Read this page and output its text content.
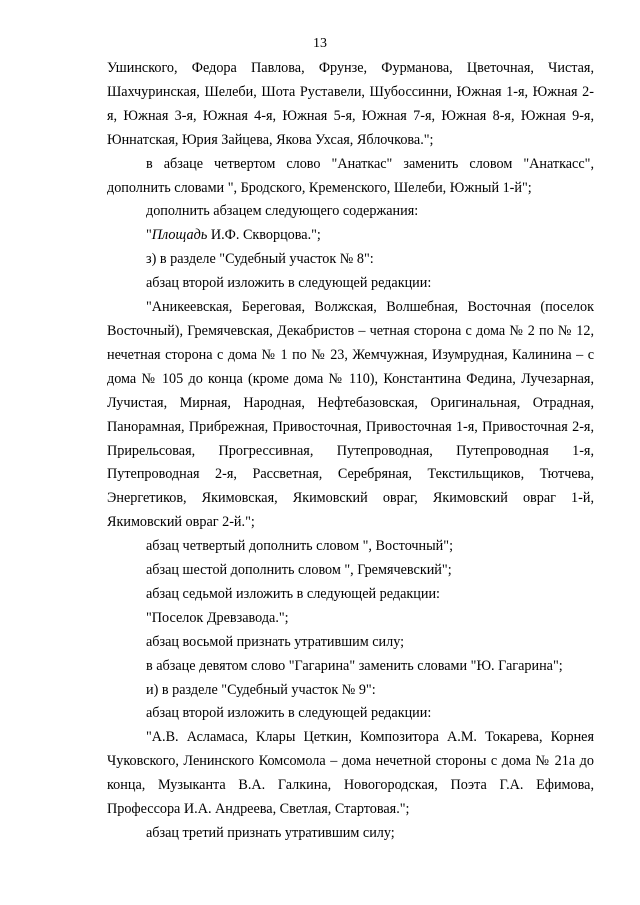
13

Ушинского, Федора Павлова, Фрунзе, Фурманова, Цветочная, Чистая, Шахчуринская, Шелеби, Шота Руставели, Шубоссинни, Южная 1-я, Южная 2-я, Южная 3-я, Южная 4-я, Южная 5-я, Южная 7-я, Южная 8-я, Южная 9-я, Юннатская, Юрия Зайцева, Якова Ухсая, Яблочкова.";

в абзаце четвертом слово "Анаткас" заменить словом "Анаткасс", дополнить словами ", Бродского, Кременского, Шелеби, Южный 1-й";

дополнить абзацем следующего содержания:

"Площадь И.Ф. Скворцова.";

з) в разделе "Судебный участок № 8":

абзац второй изложить в следующей редакции:

"Аникеевская, Береговая, Волжская, Волшебная, Восточная (поселок Восточный), Гремячевская, Декабристов – четная сторона с дома № 2 по № 12, нечетная сторона с дома № 1 по № 23, Жемчужная, Изумрудная, Калинина – с дома № 105 до конца (кроме дома № 110), Константина Федина, Лучезарная, Лучистая, Мирная, Народная, Нефтебазовская, Оригинальная, Отрадная, Панорамная, Прибрежная, Привосточная, Привосточная 1-я, Привосточная 2-я, Прирельсовая, Прогрессивная, Путепроводная, Путепроводная 1-я, Путепроводная 2-я, Рассветная, Серебряная, Текстильщиков, Тютчева, Энергетиков, Якимовская, Якимовский овраг, Якимовский овраг 1-й, Якимовский овраг 2-й.";

абзац четвертый дополнить словом ", Восточный";

абзац шестой дополнить словом ", Гремячевский";

абзац седьмой изложить в следующей редакции:

"Поселок Древзавода.";

абзац восьмой признать утратившим силу;

в абзаце девятом слово "Гагарина" заменить словами "Ю. Гагарина";

и) в разделе "Судебный участок № 9":

абзац второй изложить в следующей редакции:

"А.В. Асламаса, Клары Цеткин, Композитора А.М. Токарева, Корнея Чуковского, Ленинского Комсомола – дома нечетной стороны с дома № 21а до конца, Музыканта В.А. Галкина, Новогородская, Поэта Г.А. Ефимова, Профессора И.А. Андреева, Светлая, Стартовая.";

абзац третий признать утратившим силу;
